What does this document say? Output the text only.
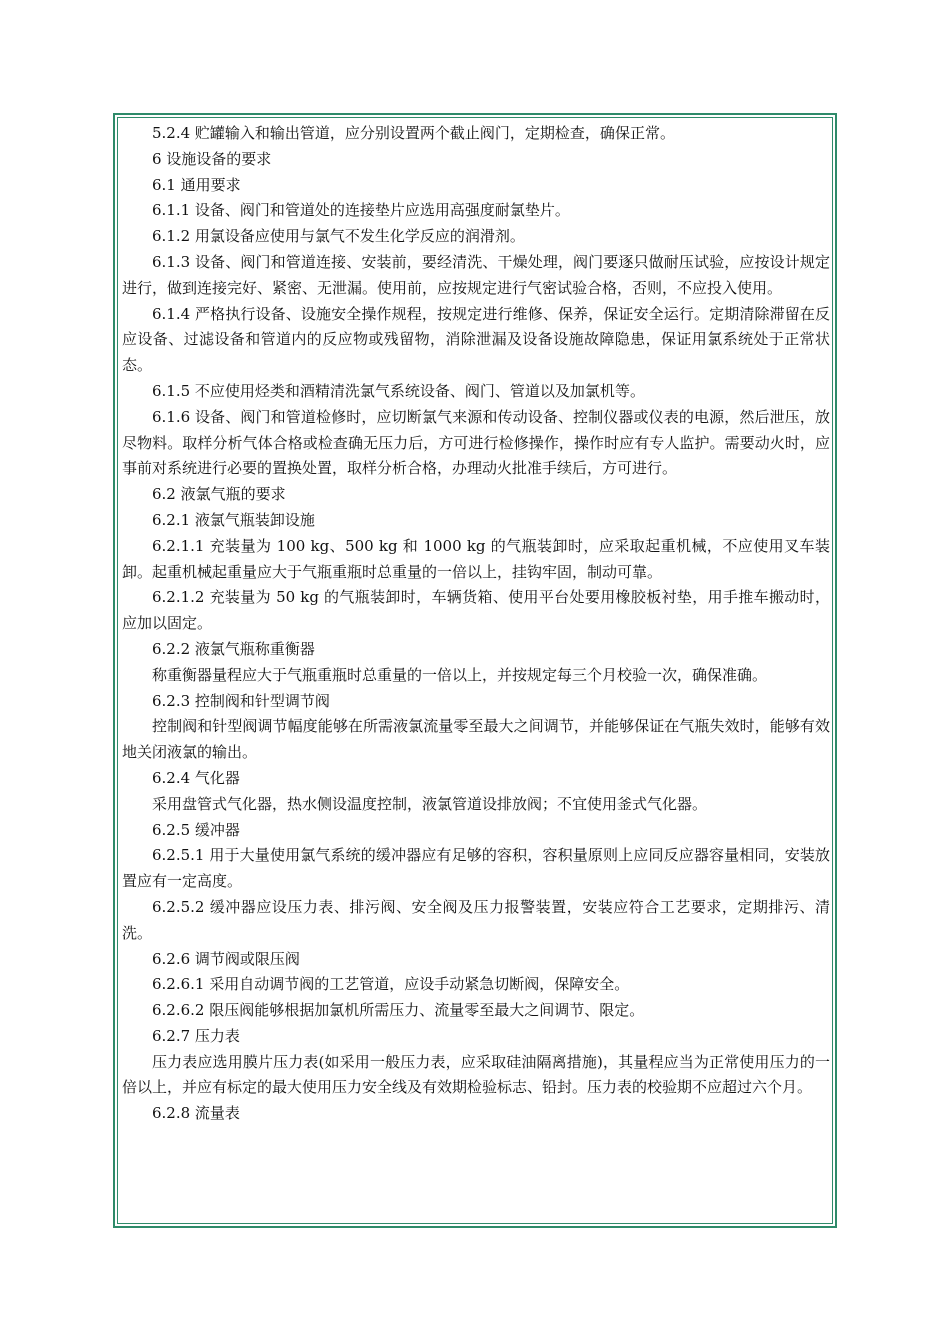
5.2.4 贮罐输入和输出管道，应分别设置两个截止阀门，定期检查，确保正常。

6 设施设备的要求

6.1 通用要求

6.1.1 设备、阀门和管道处的连接垫片应选用高强度耐氯垫片。

6.1.2 用氯设备应使用与氯气不发生化学反应的润滑剂。

6.1.3 设备、阀门和管道连接、安装前，要经清洗、干燥处理，阀门要逐只做耐压试验，应按设计规定进行，做到连接完好、紧密、无泄漏。使用前，应按规定进行气密试验合格，否则，不应投入使用。

6.1.4 严格执行设备、设施安全操作规程，按规定进行维修、保养，保证安全运行。定期清除滞留在反应设备、过滤设备和管道内的反应物或残留物，消除泄漏及设备设施故障隐患，保证用氯系统处于正常状态。

6.1.5 不应使用烃类和酒精清洗氯气系统设备、阀门、管道以及加氯机等。

6.1.6 设备、阀门和管道检修时，应切断氯气来源和传动设备、控制仪器或仪表的电源，然后泄压，放尽物料。取样分析气体合格或检查确无压力后，方可进行检修操作，操作时应有专人监护。需要动火时，应事前对系统进行必要的置换处置，取样分析合格，办理动火批准手续后，方可进行。

6.2 液氯气瓶的要求

6.2.1 液氯气瓶装卸设施

6.2.1.1 充装量为 100 kg、500 kg 和 1000 kg 的气瓶装卸时，应采取起重机械，不应使用叉车装卸。起重机械起重量应大于气瓶重瓶时总重量的一倍以上，挂钩牢固，制动可靠。

6.2.1.2 充装量为 50 kg 的气瓶装卸时，车辆货箱、使用平台处要用橡胶板衬垫，用手推车搬动时，应加以固定。

6.2.2 液氯气瓶称重衡器

称重衡器量程应大于气瓶重瓶时总重量的一倍以上，并按规定每三个月校验一次，确保准确。

6.2.3 控制阀和针型调节阀

控制阀和针型阀调节幅度能够在所需液氯流量零至最大之间调节，并能够保证在气瓶失效时，能够有效地关闭液氯的输出。

6.2.4 气化器

采用盘管式气化器，热水侧设温度控制，液氯管道设排放阀；不宜使用釜式气化器。

6.2.5 缓冲器

6.2.5.1 用于大量使用氯气系统的缓冲器应有足够的容积，容积量原则上应同反应器容量相同，安装放置应有一定高度。

6.2.5.2 缓冲器应设压力表、排污阀、安全阀及压力报警装置，安装应符合工艺要求，定期排污、清洗。

6.2.6 调节阀或限压阀

6.2.6.1 采用自动调节阀的工艺管道，应设手动紧急切断阀，保障安全。

6.2.6.2 限压阀能够根据加氯机所需压力、流量零至最大之间调节、限定。

6.2.7 压力表

压力表应选用膜片压力表(如采用一般压力表，应采取硅油隔离措施)，其量程应当为正常使用压力的一倍以上，并应有标定的最大使用压力安全线及有效期检验标志、铅封。压力表的校验期不应超过六个月。

6.2.8 流量表
